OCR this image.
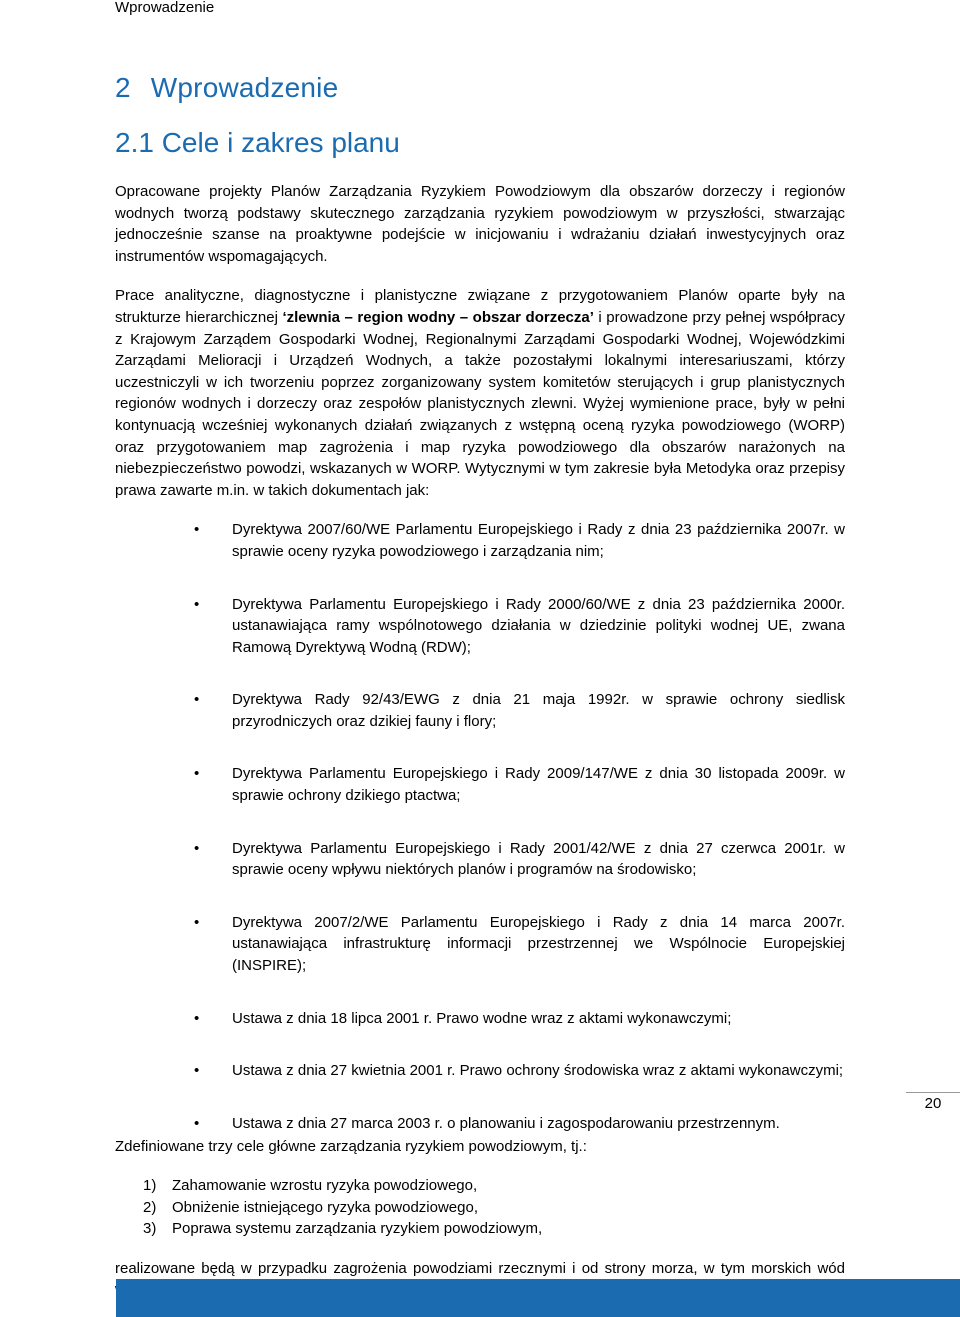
Wprowadzenie
2 Wprowadzenie
2.1 Cele i zakres planu

Opracowane projekty Planów Zarządzania Ryzykiem Powodziowym dla obszarów dorzeczy i regionów wodnych tworzą podstawy skutecznego zarządzania ryzykiem powodziowym w przyszłości, stwarzając jednocześnie szanse na proaktywne podejście w inicjowaniu i wdrażaniu działań inwestycyjnych oraz instrumentów wspomagających.

Prace analityczne, diagnostyczne i planistyczne związane z przygotowaniem Planów oparte były na strukturze hierarchicznej ‘zlewnia – region wodny – obszar dorzecza’ i prowadzone przy pełnej współpracy z Krajowym Zarządem Gospodarki Wodnej, Regionalnymi Zarządami Gospodarki Wodnej, Wojewódzkimi Zarządami Melioracji i Urządzeń Wodnych, a także pozostałymi lokalnymi interesariuszami, którzy uczestniczyli w ich tworzeniu poprzez zorganizowany system komitetów sterujących i grup planistycznych regionów wodnych i dorzeczy oraz zespołów planistycznych zlewni. Wyżej wymienione prace, były w pełni kontynuacją wcześniej wykonanych działań związanych z wstępną oceną ryzyka powodziowego (WORP) oraz przygotowaniem map zagrożenia i map ryzyka powodziowego dla obszarów narażonych na niebezpieczeństwo powodzi, wskazanych w WORP. Wytycznymi w tym zakresie była Metodyka oraz przepisy prawa zawarte m.in. w takich dokumentach jak:

• Dyrektywa 2007/60/WE Parlamentu Europejskiego i Rady z dnia 23 października 2007r. w sprawie oceny ryzyka powodziowego i zarządzania nim;
• Dyrektywa Parlamentu Europejskiego i Rady 2000/60/WE z dnia 23 października 2000r. ustanawiająca ramy wspólnotowego działania w dziedzinie polityki wodnej UE, zwana Ramową Dyrektywą Wodną (RDW);
• Dyrektywa Rady 92/43/EWG z dnia 21 maja 1992r. w sprawie ochrony siedlisk przyrodniczych oraz dzikiej fauny i flory;
• Dyrektywa Parlamentu Europejskiego i Rady 2009/147/WE z dnia 30 listopada 2009r. w sprawie ochrony dzikiego ptactwa;
• Dyrektywa Parlamentu Europejskiego i Rady 2001/42/WE z dnia 27 czerwca 2001r. w sprawie oceny wpływu niektórych planów i programów na środowisko;
• Dyrektywa 2007/2/WE Parlamentu Europejskiego i Rady z dnia 14 marca 2007r. ustanawiająca infrastrukturę informacji przestrzennej we Wspólnocie Europejskiej (INSPIRE);
• Ustawa z dnia 18 lipca 2001 r. Prawo wodne wraz z aktami wykonawczymi;
• Ustawa z dnia 27 kwietnia 2001 r. Prawo ochrony środowiska wraz z aktami wykonawczymi;
• Ustawa z dnia 27 marca 2003 r. o planowaniu i zagospodarowaniu przestrzennym.

Zdefiniowane trzy cele główne zarządzania ryzykiem powodziowym, tj.:

1) Zahamowanie wzrostu ryzyka powodziowego,
2) Obniżenie istniejącego ryzyka powodziowego,
3) Poprawa systemu zarządzania ryzykiem powodziowym,

realizowane będą w przypadku zagrożenia powodziami rzecznymi i od strony morza, w tym morskich wód

20
